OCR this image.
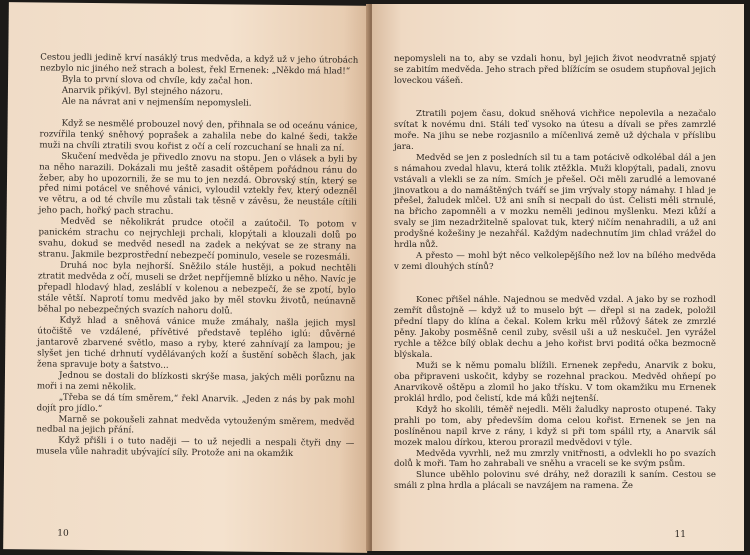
Cestou jedli jedině krví nasáklý trus medvěda, a když už v jeho útrobách nezbylo nic jiného než strach a bolest, řekl Ernenek: „Někdo má hlad!“

Byla to první slova od chvíle, kdy začal hon.

Anarvik přikývl. Byl stejného názoru.

Ale na návrat ani v nejmenším nepomysleli.

Když se nesmělé probouzel nový den, přihnala se od oceánu vánice, rozvířila tenký sněhový poprašek a zahalila nebe do kalné šedi, takže muži na chvíli ztratili svou kořist z očí a celí rozcuchaní se hnali za ní.

Skučení medvěda je přivedlo znovu na stopu. Jen o vlásek a byli by na něho narazili. Dokázali mu ještě zasadit oštěpem pořádnou ránu do žeber, aby ho upozornili, že se mu to jen nezdá. Obrovský stín, který se před nimi potácel ve sněhové vánici, vyloudil vztekly řev, který odezněl ve větru, a od té chvíle mu zůstali tak těsně v závěsu, že neustále cítili jeho pach, hořký pach strachu.

Medvěd se několikrát prudce otočil a zaútočil. To potom v panickém strachu co nejrychleji prchali, klopýtali a klouzali dolů po svahu, dokud se medvěd nesedl na zadek a nekývat se ze strany na stranu. Jakmile bezprostřední nebezpečí pominulo, vesele se rozesmáli.

Druhá noc byla nejhorší. Sněžilo stále hustěji, a pokud nechtěli ztratit medvěda z očí, museli se držet nepříjemně blízko u něho. Navíc je přepadl hlodavý hlad, zesláblí v kolenou a nebezpečí, že se zpotí, bylo stále větší. Naprotí tomu medvěd jako by měl stovku životů, neúnavně běhal po nebezpečných svazích nahoru dolů.

Když hlad a sněhová vánice muže zmáhaly, našla jejich mysl útočiště ve vzdálené, přívětivé představě teplého iglú: důvěrné jantarově zbarvené světlo, maso a ryby, které zahnívají za lampou; je slyšet jen tiché drhnutí vydělávaných koží a šustění soběch šlach, jak žena spravuje boty a šatstvo...

Jednou se dostali do blízkosti skrýše masa, jakých měli porůznu na moři i na zemi několik.

„Třeba se dá tím směrem,“ řekl Anarvik. „Jeden z nás by pak mohl dojít pro jídlo.“

Marně se pokoušeli zahnat medvěda vytouženým směrem, medvěd nedbal na jejich přání.

Když přišli i o tuto naději — to už nejedli a nespali čtyři dny — musela vůle nahradit ubývající síly. Protože ani na okamžik

10

nepomysleli na to, aby se vzdali honu, byl jejich život neodvratně spjatý se zabitím medvěda. Jeho strach před blížícím se osudem stupňoval jejich loveckou vášeň.

Ztratili pojem času, dokud sněhová vichřice nepolevila a nezačalo svítat k novému dni. Stáli teď vysoko na útesu a dívali se přes zamrzlé moře. Na jihu se nebe rozjasnilo a míčenlivá země už dýchala v příslibu jara.

Medvěd se jen z posledních sil tu a tam potácivě odkolébal dál a jen s námahou zvedal hlavu, která tolik ztěžkla. Muži klopýtali, padali, znovu vstávali a vlekli se za ním. Smích je přešel. Oči měli zarudlé a lemované jinovatkou a do namáštěných tváří se jim vrývaly stopy námahy. I hlad je přešel, žaludek mlčel. Už ani sníh si necpali do úst. Čelisti měli strnulé, na břicho zapomněli a v mozku neměli jedinou myšlenku. Mezi kůží a svaly se jim nezadržitelně spalovat tuk, který ničím nenahradili, a už ani prodyšné kožešiny je nezahřál. Každým nadechnutím jim chlad vrážel do hrdla nůž.

A přesto — mohl být něco velkolepějšího než lov na bílého medvěda v zemi dlouhých stínů?

Konec přišel náhle. Najednou se medvěd vzdal. A jako by se rozhodl zemřít důstojně — když už to muselo být — dřepl si na zadek, položil přední tlapy do klína a čekal. Kolem krku měl růžový šátek ze zmrzlé pěny. Jakoby posměšně cenil zuby, svěsil uši a už neskučel. Jen vyrážel rychle a těžce bílý oblak dechu a jeho kořist brvi poditá očka bezmocně blýskala.

Muži se k němu pomalu blížili. Ernenek zepředu, Anarvik z boku, oba připraveni uskočit, kdyby se rozehnal prackou. Medvěd ohňepí po Anarvikově oštěpu a zlomil ho jako třísku. V tom okamžiku mu Ernenek proklál hrdlo, pod čelistí, kde má kůži nejtenší.

Když ho skolili, téměř nejedli. Měli žaludky naprosto otupené. Taky prahli po tom, aby především doma celou kořist. Ernenek se jen na poslíněnou napil krve z rány, i když si při tom spálil rty, a Anarvik sál mozek malou dírkou, kterou prorazil medvědovi v týle.

Medvěda vyvrhli, než mu zmrzly vnitřnosti, a odvlekli ho po svazích dolů k moři. Tam ho zahrabali ve sněhu a vraceli se ke svým psům.

Slunce uběhlo polovinu své dráhy, než dorazili k saním. Cestou se smáli z plna hrdla a plácali se navzájem na ramena. Že

11
